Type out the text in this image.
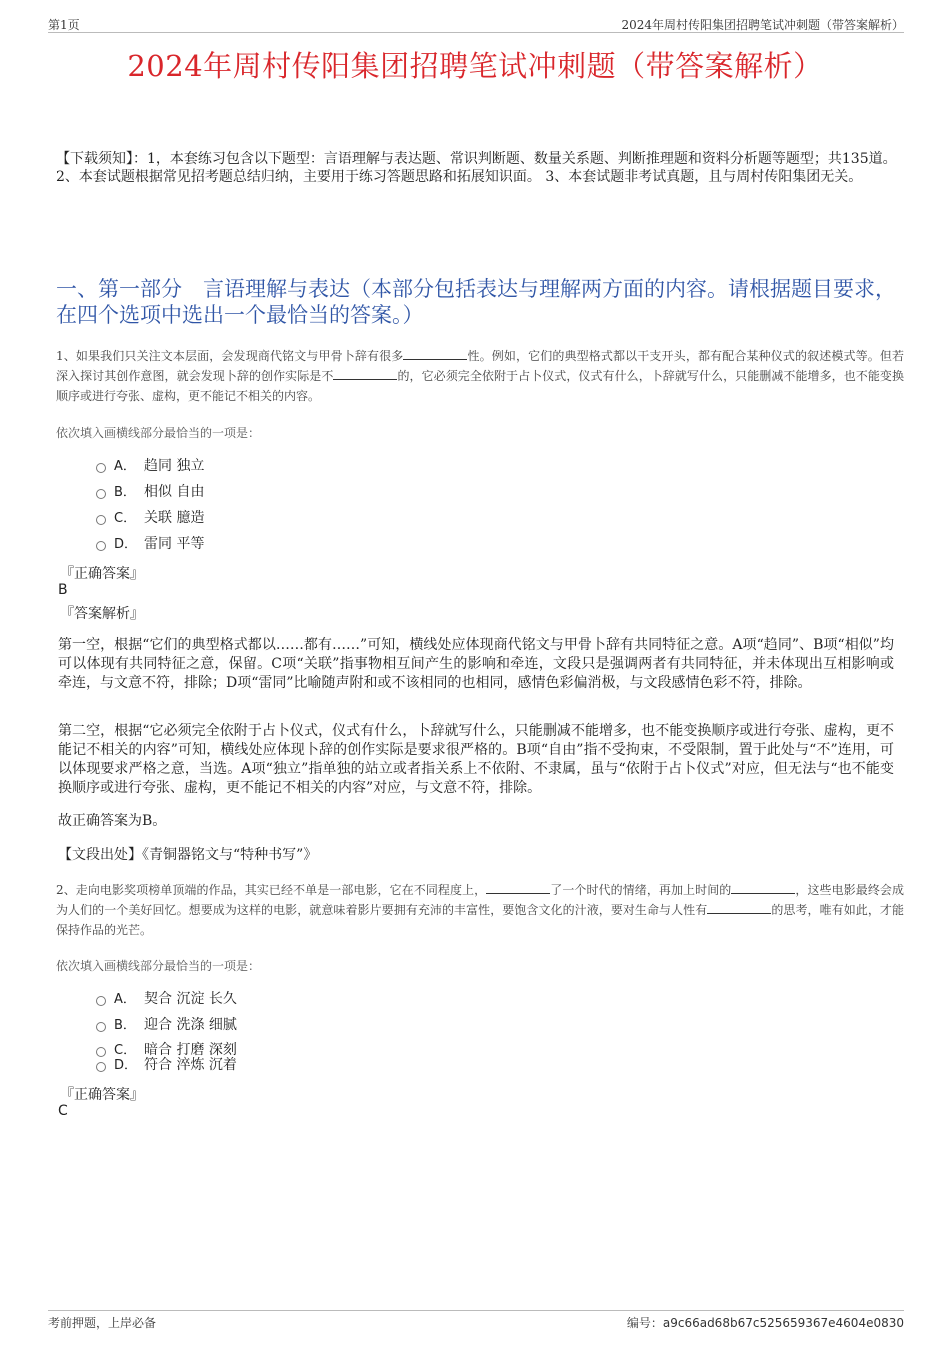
第1页	2024年周村传阳集团招聘笔试冲刺题（带答案解析）
2024年周村传阳集团招聘笔试冲刺题（带答案解析）
【下载须知】：1，本套练习包含以下题型：言语理解与表达题、常识判断题、数量关系题、判断推理题和资料分析题等题型；共135道。 2、本套试题根据常见招考题总结归纳，主要用于练习答题思路和拓展知识面。 3、本套试题非考试真题，且与周村传阳集团无关。
一、第一部分　言语理解与表达（本部分包括表达与理解两方面的内容。请根据题目要求，在四个选项中选出一个最恰当的答案。）
1、如果我们只关注文本层面，会发现商代铭文与甲骨卜辞有很多	性。例如，它们的典型格式都以干支开头，都有配合某种仪式的叙述模式等。但若深入探讨其创作意图，就会发现卜辞的创作实际是不	的，它必须完全依附于占卜仪式，仪式有什么，卜辞就写什么，只能删减不能增多，也不能变换顺序或进行夸张、虚构，更不能记不相关的内容。
依次填入画横线部分最恰当的一项是：
A． 趋同 独立
B． 相似 自由
C． 关联 臆造
D． 雷同 平等
『正确答案』
B
『答案解析』
第一空，根据“它们的典型格式都以……都有……”可知，横线处应体现商代铭文与甲骨卜辞有共同特征之意。A项“趋同”、B项“相似”均可以体现有共同特征之意，保留。C项“关联”指事物相互间产生的影响和牵连，文段只是强调两者有共同特征，并未体现出互相影响或牵连，与文意不符，排除；D项“雷同”比喻随声附和或不该相同的也相同，感情色彩偏消极，与文段感情色彩不符，排除。
第二空，根据“它必须完全依附于占卜仪式，仪式有什么，卜辞就写什么，只能删减不能增多，也不能变换顺序或进行夸张、虚构，更不能记不相关的内容”可知，横线处应体现卜辞的创作实际是要求很严格的。B项“自由”指不受拘束，不受限制，置于此处与“不”连用，可以体现要求严格之意，当选。A项“独立”指单独的站立或者指关系上不依附、不隶属，虽与“依附于占卜仪式”对应，但无法与“也不能变换顺序或进行夸张、虚构，更不能记不相关的内容”对应，与文意不符，排除。
故正确答案为B。
【文段出处】《青铜器铭文与“特种书写”》
2、走向电影奖项榜单顶端的作品，其实已经不单是一部电影，它在不同程度上，	了一个时代的情绪，再加上时间的	，这些电影最终会成为人们的一个美好回忆。想要成为这样的电影，就意味着影片要拥有充沛的丰富性，要饱含文化的汁液，要对生命与人性有	的思考，唯有如此，才能保持作品的光芒。
依次填入画横线部分最恰当的一项是：
A． 契合 沉淀 长久
B． 迎合 洗涤 细腻
C． 暗合 打磨 深刻
D． 符合 淬炼 沉着
『正确答案』
C
考前押题，上岸必备	编号：a9c66ad68b67c525659367e4604e0830
